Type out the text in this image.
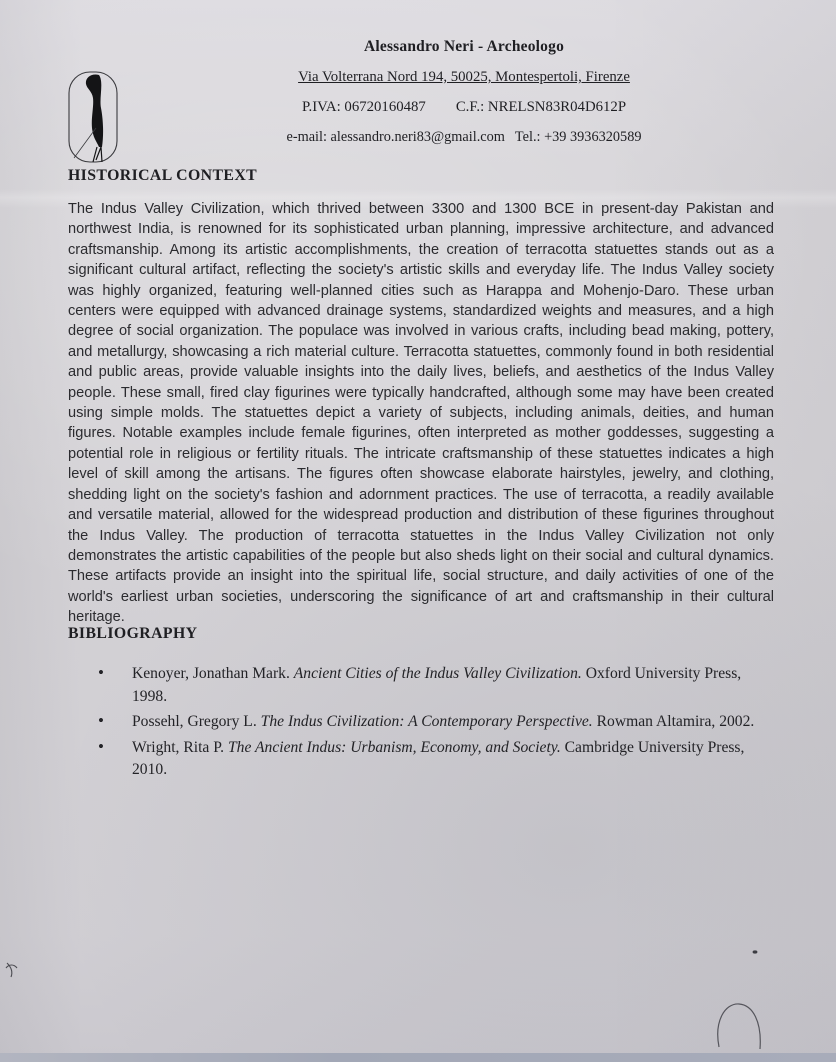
Alessandro Neri - Archeologo
Via Volterrana Nord 194, 50025, Montespertoli, Firenze
P.IVA: 06720160487 C.F.: NRELSN83R04D612P
e-mail: alessandro.neri83@gmail.com Tel.: +39 3936320589
HISTORICAL CONTEXT
The Indus Valley Civilization, which thrived between 3300 and 1300 BCE in present-day Pakistan and northwest India, is renowned for its sophisticated urban planning, impressive architecture, and advanced craftsmanship. Among its artistic accomplishments, the creation of terracotta statuettes stands out as a significant cultural artifact, reflecting the society's artistic skills and everyday life. The Indus Valley society was highly organized, featuring well-planned cities such as Harappa and Mohenjo-Daro. These urban centers were equipped with advanced drainage systems, standardized weights and measures, and a high degree of social organization. The populace was involved in various crafts, including bead making, pottery, and metallurgy, showcasing a rich material culture. Terracotta statuettes, commonly found in both residential and public areas, provide valuable insights into the daily lives, beliefs, and aesthetics of the Indus Valley people. These small, fired clay figurines were typically handcrafted, although some may have been created using simple molds. The statuettes depict a variety of subjects, including animals, deities, and human figures. Notable examples include female figurines, often interpreted as mother goddesses, suggesting a potential role in religious or fertility rituals. The intricate craftsmanship of these statuettes indicates a high level of skill among the artisans. The figures often showcase elaborate hairstyles, jewelry, and clothing, shedding light on the society's fashion and adornment practices. The use of terracotta, a readily available and versatile material, allowed for the widespread production and distribution of these figurines throughout the Indus Valley. The production of terracotta statuettes in the Indus Valley Civilization not only demonstrates the artistic capabilities of the people but also sheds light on their social and cultural dynamics. These artifacts provide an insight into the spiritual life, social structure, and daily activities of one of the world's earliest urban societies, underscoring the significance of art and craftsmanship in their cultural heritage.
BIBLIOGRAPHY
• Kenoyer, Jonathan Mark. Ancient Cities of the Indus Valley Civilization. Oxford University Press, 1998.
• Possehl, Gregory L. The Indus Civilization: A Contemporary Perspective. Rowman Altamira, 2002.
• Wright, Rita P. The Ancient Indus: Urbanism, Economy, and Society. Cambridge University Press, 2010.
